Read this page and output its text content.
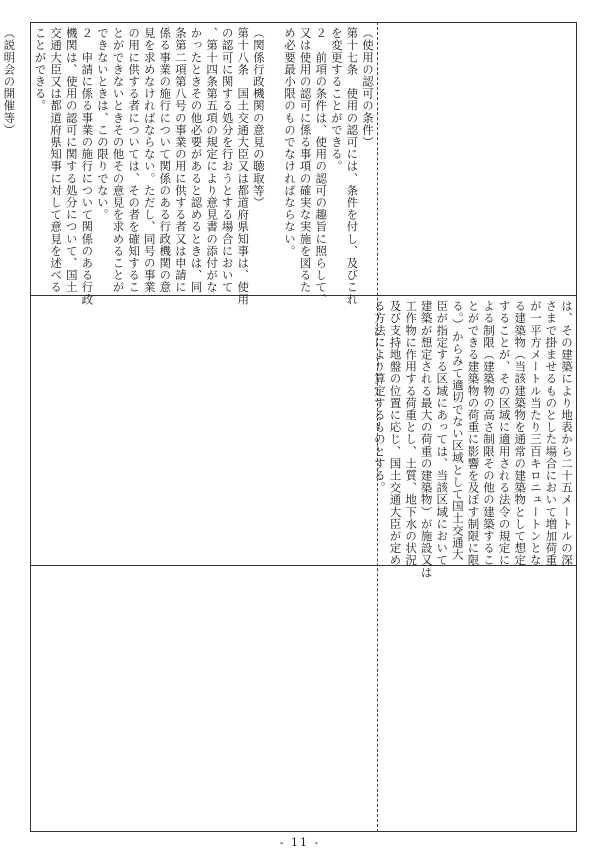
（使用の認可の条件）
第十七条　使用の認可には、条件を付し、及びこれ
を変更することができる。
２　前項の条件は、使用の認可の趣旨に照らして、
又は使用の認可に係る事項の確実な実施を図るた
め必要最小限のものでなければならない。

（関係行政機関の意見の聴取等）
第十八条　国土交通大臣又は都道府県知事は、使用
の認可に関する処分を行おうとする場合において
、第十四条第五項の規定により意見書の添付がな
かったときその他必要があると認めるときは、同
条第二項第八号の事業の用に供する者又は申請に
係る事業の施行について関係のある行政機関の意
見を求めなければならない。ただし、同号の事業
の用に供する者については、その者を確知するこ
とができないときその他その意見を求めることが
できないときは、この限りでない。
２　申請に係る事業の施行について関係のある行政
機関は、使用の認可に関する処分について、国土
交通大臣又は都道府県知事に対して意見を述べる
ことができる。

（説明会の開催等）
は、その建築により地表から二十五メートルの深
さまで掛ませるものとした場合において増加荷重
が一平方メートル当たり三百キロニュートンとな
る建築物（当該建築物を通常の建築物として想定
することが、その区域に適用される法令の規定に
よる制限（建築物の高さ制限その他の建築するこ
とができる建築物の荷重に影響を及ぼす制限に限
る。）からみて適切でない区域として国土交通大
臣が指定する区域にあっては、当該区域において
建築が想定される最大の荷重の建築物）が施設又は
工作物に作用する荷重とし、土質、地下水の状況
及び支持地盤の位置に応じ、国土交通大臣が定め
る方法により算定するものとする。
- 11 -
